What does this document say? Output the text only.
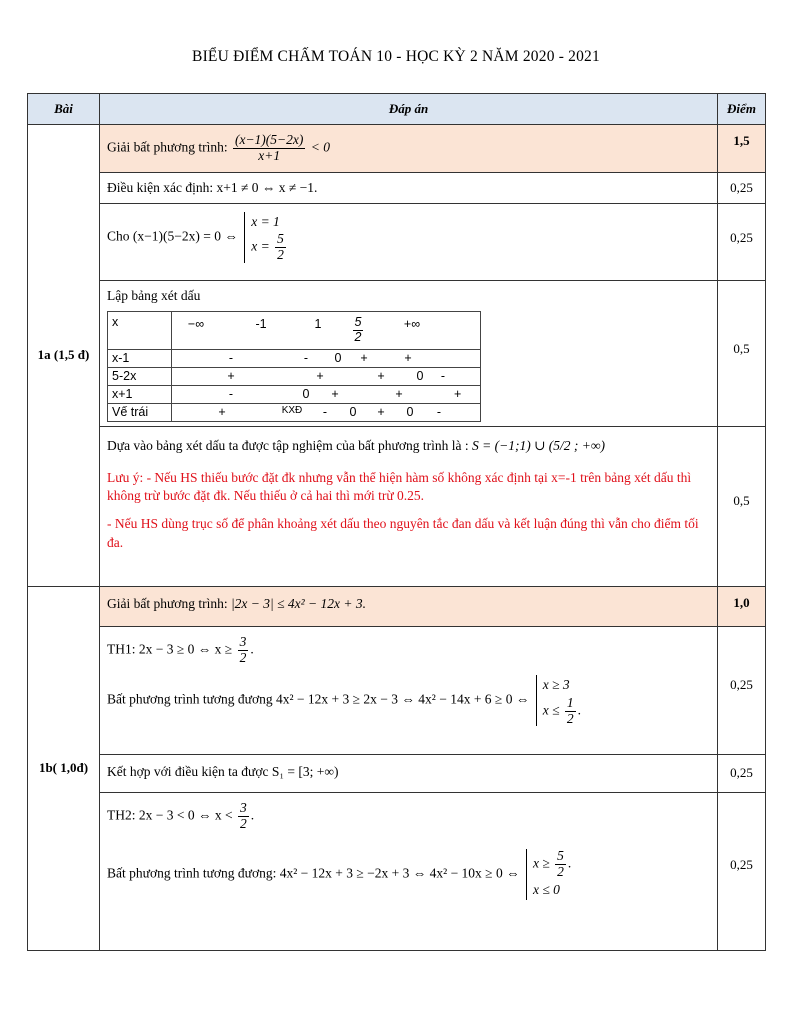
BIỂU ĐIỂM CHẤM TOÁN 10 - HỌC KỲ 2 NĂM 2020 - 2021
Bài	Đáp án	Điểm
1a (1,5 đ)	
Giải bất phương trình: $\frac{(x-1)(5-2x)}{x+1} < 0$	1,5

Điều kiện xác định: x+1 ≠ 0 ⇔ x ≠ −1.	0,25

Cho (x−1)(5−2x) = 0 ⇔
x = 1
$x = \frac{5}{2}$	0,25

Lập bảng xét dấu
x	−∞	-1	1	$\frac{5}{2}$	+∞

x-1	-	-	0	+	+

5-2x	+	+	+	0	-

x+1	-	0	+	+	+

Vế trái	+	KXĐ	-	0	+	0	-
	0,5

Dựa vào bảng xét dấu ta được tập nghiệm của bất phương trình là : S = (−1;1) ∪ (5/2 ; +∞)
Lưu ý: - Nếu HS thiếu bước đặt đk nhưng vẫn thể hiện hàm số không xác định tại x=-1 trên bảng xét dấu thì không trừ bước đặt đk. Nếu thiếu ở cả hai thì mới trừ 0.25.
- Nếu HS dùng trục số để phân khoảng xét dấu theo nguyên tắc đan dấu và kết luận đúng thì vẫn cho điểm tối đa.
	0,5
1b( 1,0đ)	
Giải bất phương trình: |2x − 3| ≤ 4x² − 12x + 3.	1,0

TH1: 2x − 3 ≥ 0 ⇔ $x \ge \frac{3}{2}$ .
Bất phương trình tương đương 4x² − 12x + 3 ≥ 2x − 3 ⇔ 4x² − 14x + 6 ≥ 0 ⇔
x ≥ 3
$x \le \frac{1}{2}$ .
	0,25

Kết hợp với điều kiện ta được S₁ = [3; +∞)	0,25

TH2: 2x − 3 < 0 ⇔ $x < \frac{3}{2}$ .
Bất phương trình tương đương: 4x² − 12x + 3 ≥ −2x + 3 ⇔ 4x² − 10x ≥ 0 ⇔
$x \ge \frac{5}{2}$ .
x ≤ 0
	0,25
